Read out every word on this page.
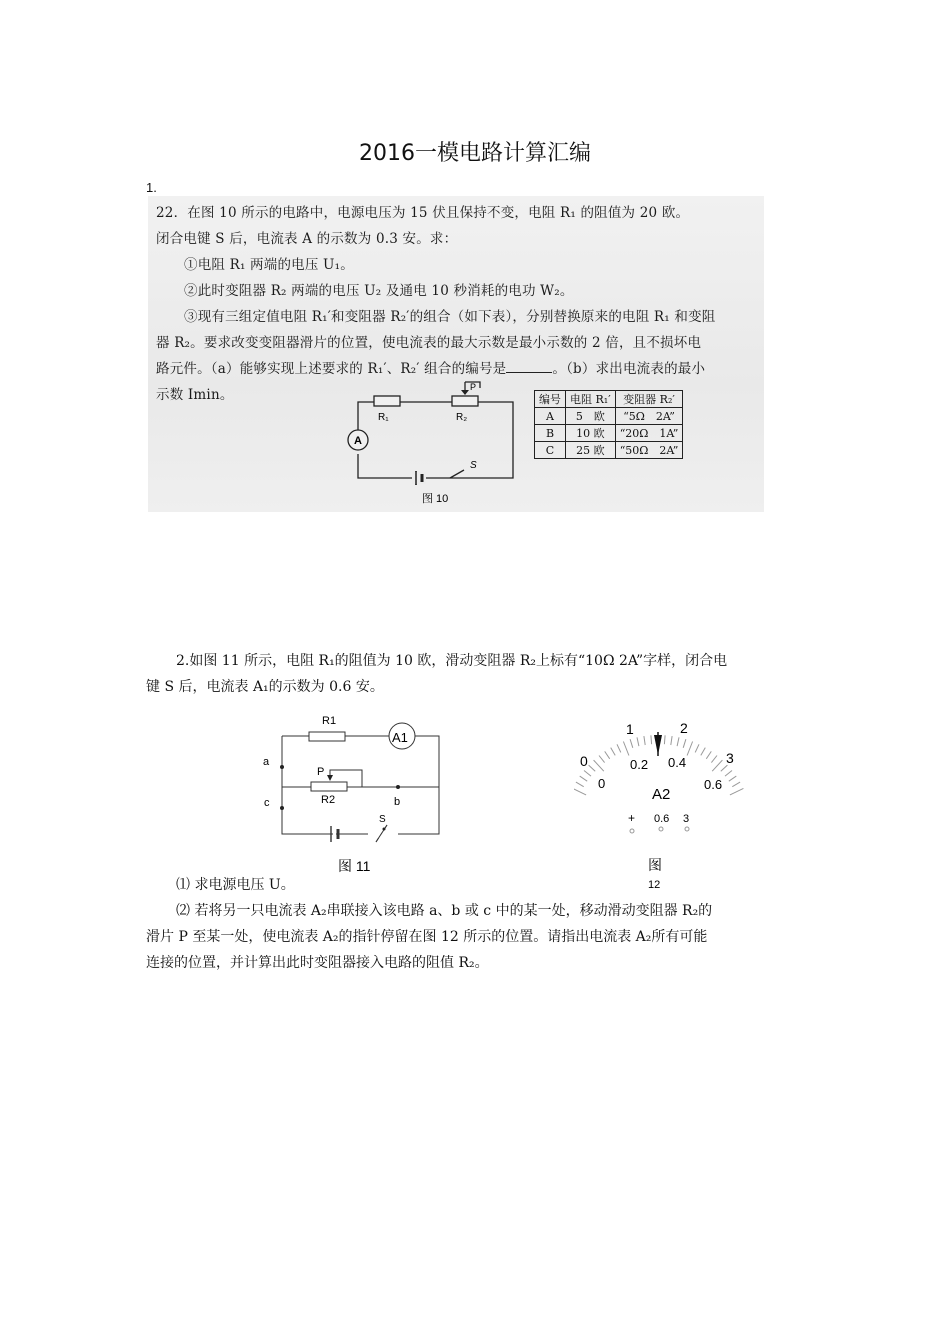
2016一模电路计算汇编
1.

22．在图 10 所示的电路中，电源电压为 15 伏且保持不变，电阻 R₁ 的阻值为 20 欧。

闭合电键 S 后，电流表 A 的示数为 0.3 安。求：

①电阻 R₁ 两端的电压 U₁。

②此时变阻器 R₂ 两端的电压 U₂ 及通电 10 秒消耗的电功 W₂。

③现有三组定值电阻 R₁′和变阻器 R₂′的组合（如下表），分别替换原来的电阻 R₁ 和变阻

器 R₂。要求改变变阻器滑片的位置，使电流表的最大示数是最小示数的 2 倍，且不损坏电

路元件。（a）能够实现上述要求的 R₁′、R₂′ 组合的编号是	。（b）求出电流表的最小

示数 Imin。

R₁	R₂
P
A
S
图 10
编号	电阻 R₁′	变阻器 R₂′
A	5　欧	“5Ω　2A”
B	10 欧	“20Ω　1A”
C	25 欧	“50Ω　2A”

2.如图 11 所示，电阻 R₁的阻值为 10 欧，滑动变阻器 R₂上标有“10Ω 2A”字样，闭合电

键 S 后，电流表 A₁的示数为 0.6 安。

R1
A1
P
R2
a
c	b
S
图 11
0
1	2
3
0
0.2 0.4
0.6
A2
+ 0.6 3
图
12

⑴ 求电源电压 U。

⑵ 若将另一只电流表 A₂串联接入该电路 a、b 或 c 中的某一处，移动滑动变阻器 R₂的

滑片 P 至某一处，使电流表 A₂的指针停留在图 12 所示的位置。请指出电流表 A₂所有可能

连接的位置，并计算出此时变阻器接入电路的阻值 R₂。
